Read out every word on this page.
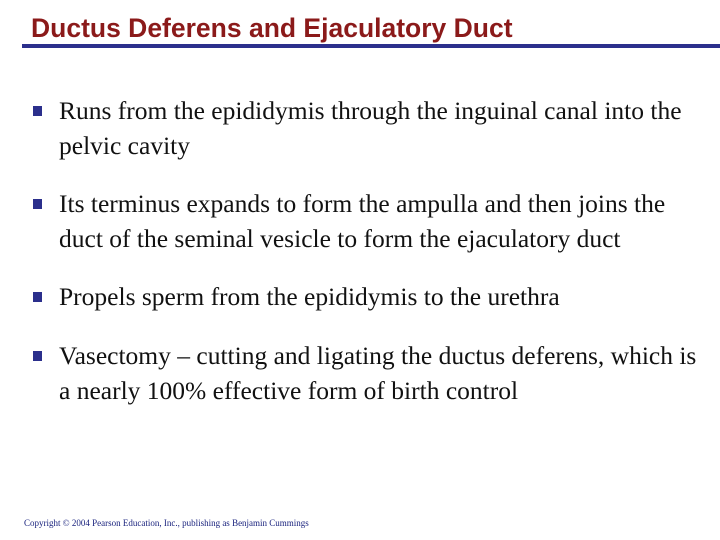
Ductus Deferens and Ejaculatory Duct
Runs from the epididymis through the inguinal canal into the pelvic cavity
Its terminus expands to form the ampulla and then joins the duct of the seminal vesicle to form the ejaculatory duct
Propels sperm from the epididymis to the urethra
Vasectomy – cutting and ligating the ductus deferens, which is a nearly 100% effective form of birth control
Copyright © 2004 Pearson Education, Inc., publishing as Benjamin Cummings
